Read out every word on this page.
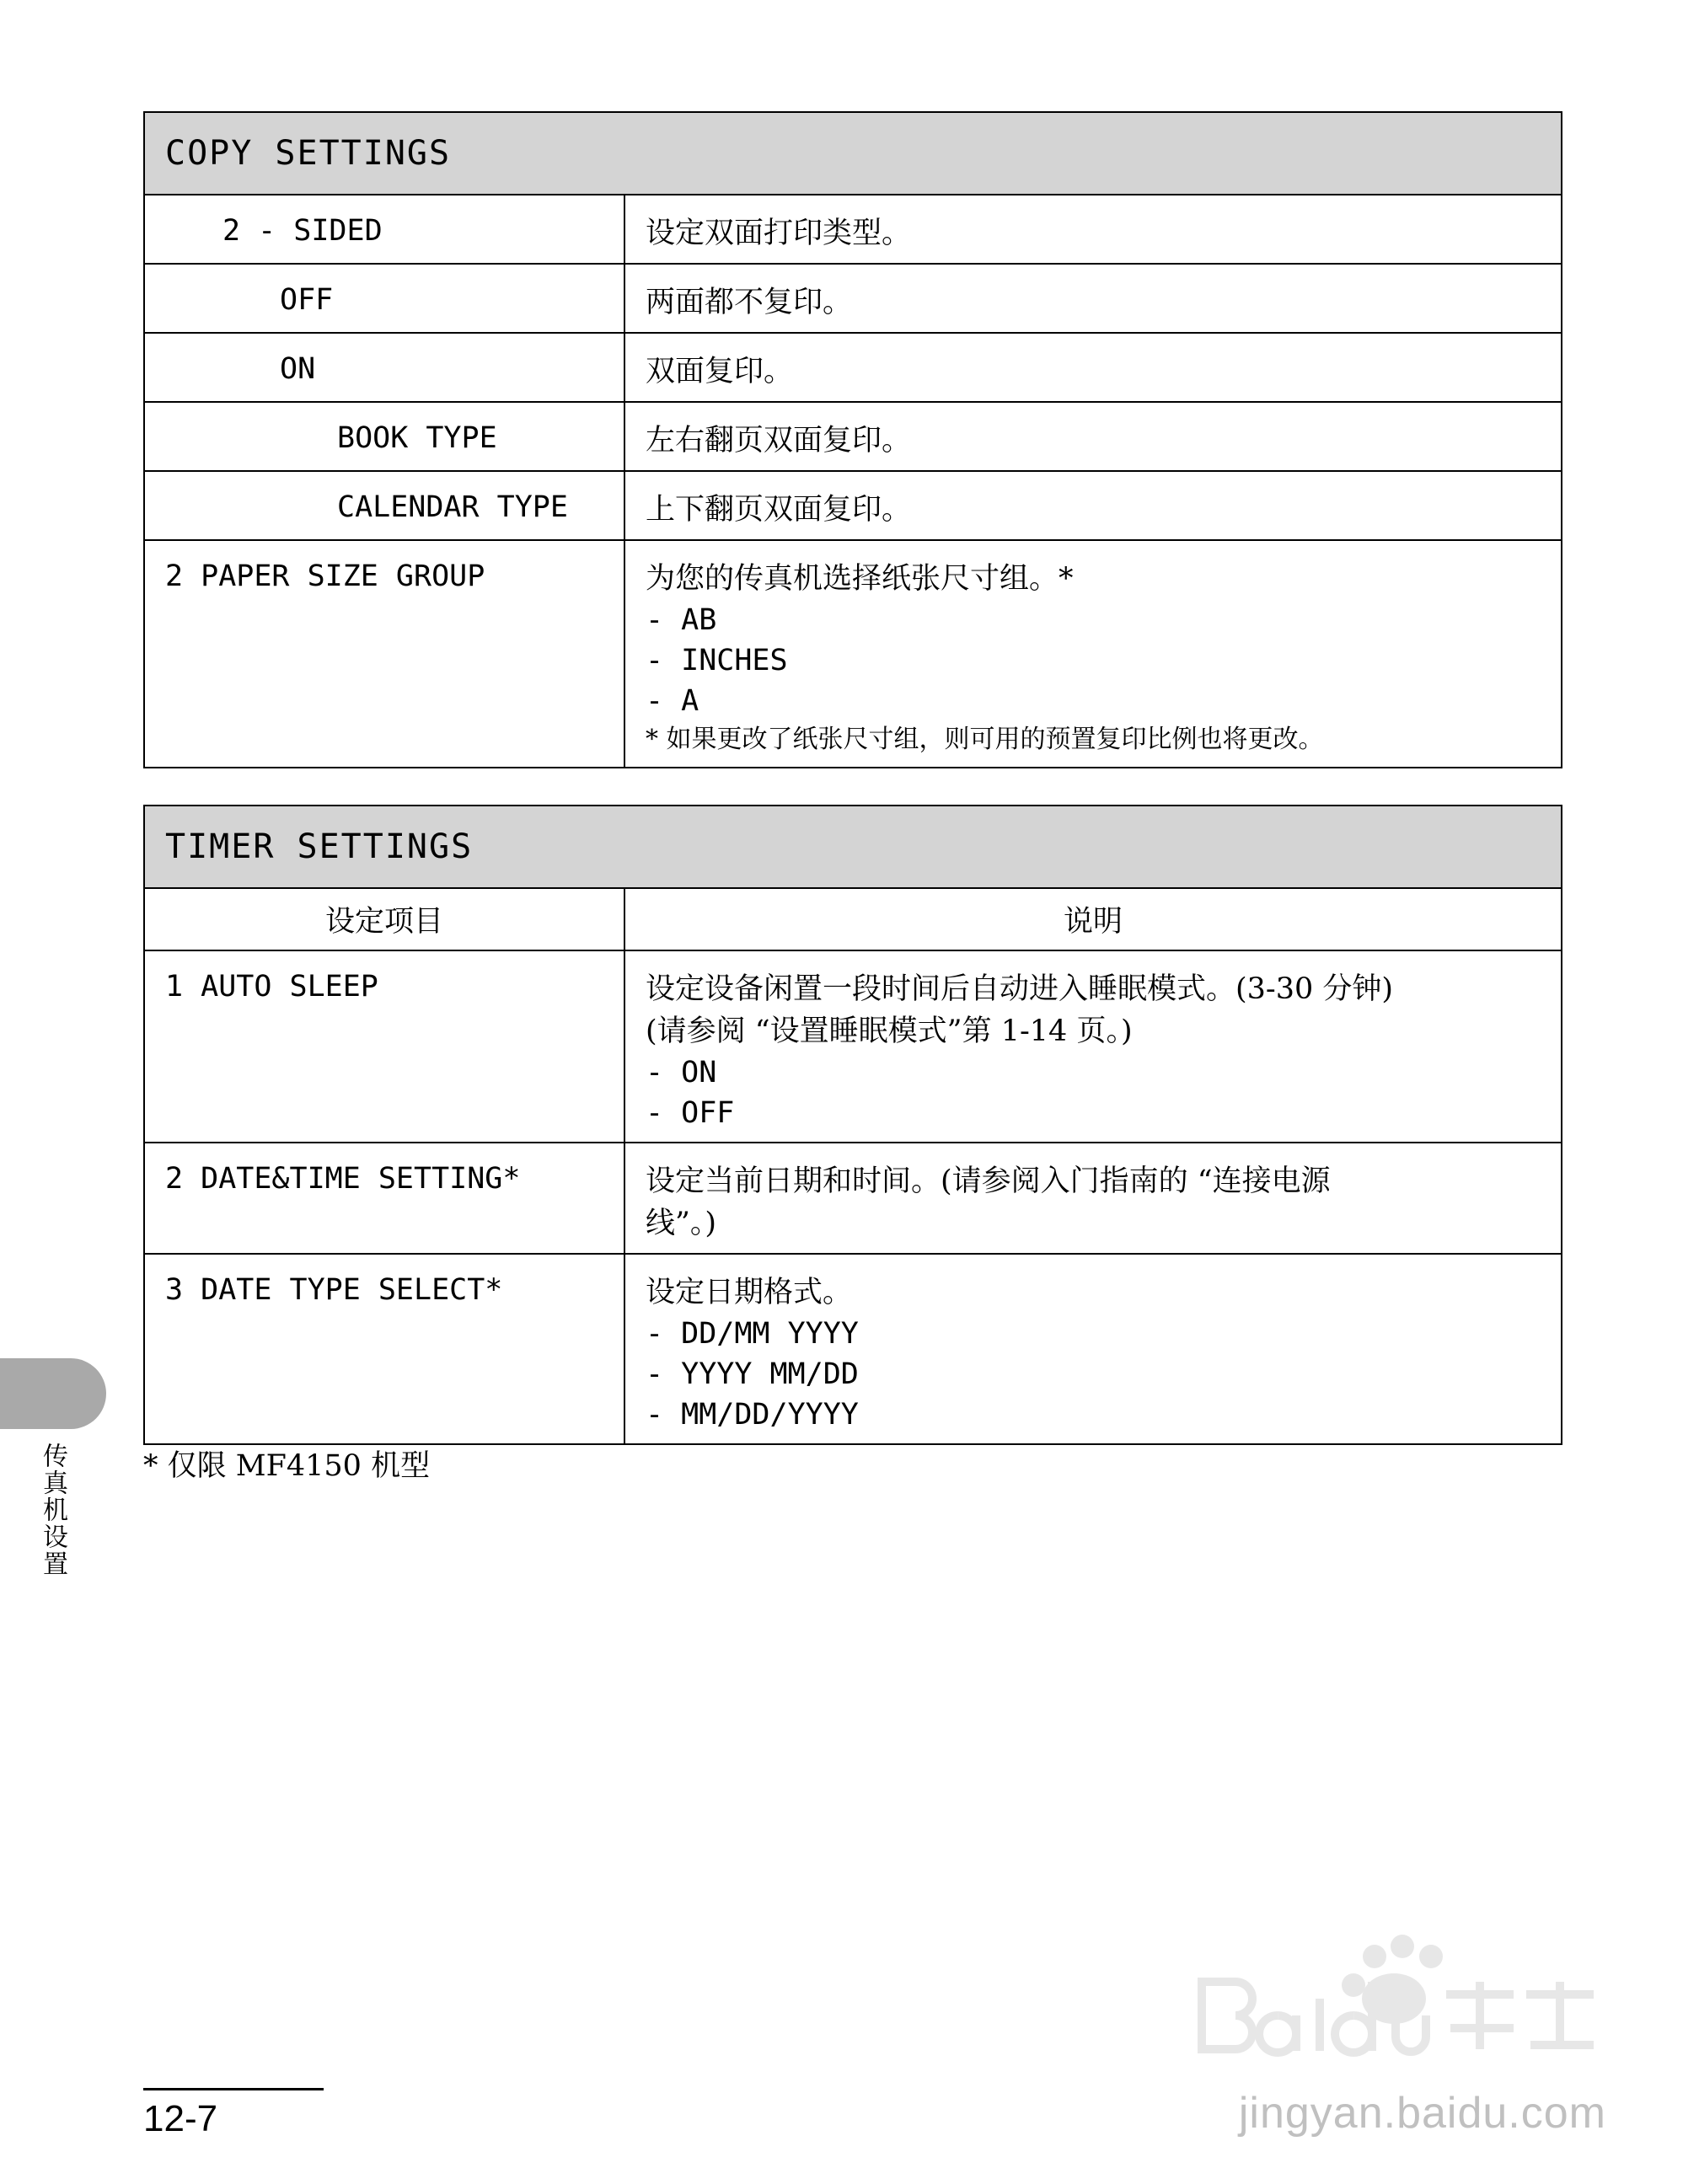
COPY SETTINGS	
2 - SIDED	设定双面打印类型。

OFF	两面都不复印。

ON	双面复印。

BOOK TYPE	左右翻页双面复印。

CALENDAR TYPE	上下翻页双面复印。

2 PAPER SIZE GROUP	为您的传真机选择纸张尺寸组。*
- AB
- INCHES
- A
* 如果更改了纸张尺寸组，则可用的预置复印比例也将更改。
TIMER SETTINGS	
设定项目	说明
1 AUTO SLEEP	设定设备闲置一段时间后自动进入睡眠模式。(3-30 分钟)
(请参阅 “设置睡眠模式”第 1-14 页。)
- ON
- OFF

2 DATE&TIME SETTING*	设定当前日期和时间。(请参阅入门指南的 “连接电源
线”。)

3 DATE TYPE SELECT*	设定日期格式。
- DD/MM YYYY
- YYYY MM/DD
- MM/DD/YYYY
* 仅限 MF4150 机型
传真机设置
12-7	jingyan.baidu.com
